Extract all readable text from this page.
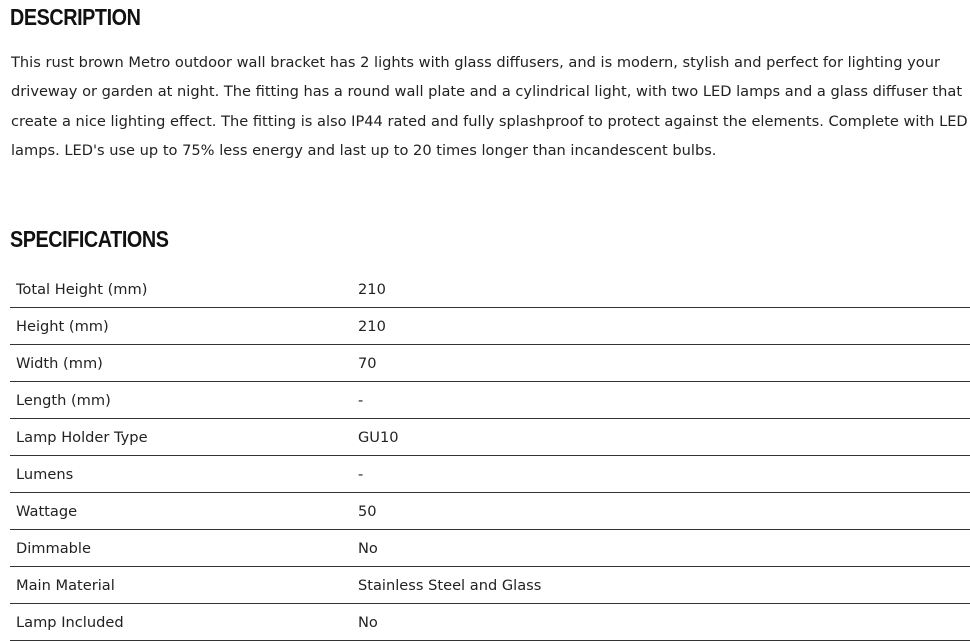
DESCRIPTION

This rust brown Metro outdoor wall bracket has 2 lights with glass diffusers, and is modern, stylish and perfect for lighting your driveway or garden at night. The fitting has a round wall plate and a cylindrical light, with two LED lamps and a glass diffuser that create a nice lighting effect. The fitting is also IP44 rated and fully splashproof to protect against the elements. Complete with LED lamps. LED's use up to 75% less energy and last up to 20 times longer than incandescent bulbs.

SPECIFICATIONS
Total Height (mm)	210
Height (mm)	210
Width (mm)	70
Length (mm)	-
Lamp Holder Type	GU10
Lumens	-
Wattage	50
Dimmable	No
Main Material	Stainless Steel and Glass
Lamp Included	No
